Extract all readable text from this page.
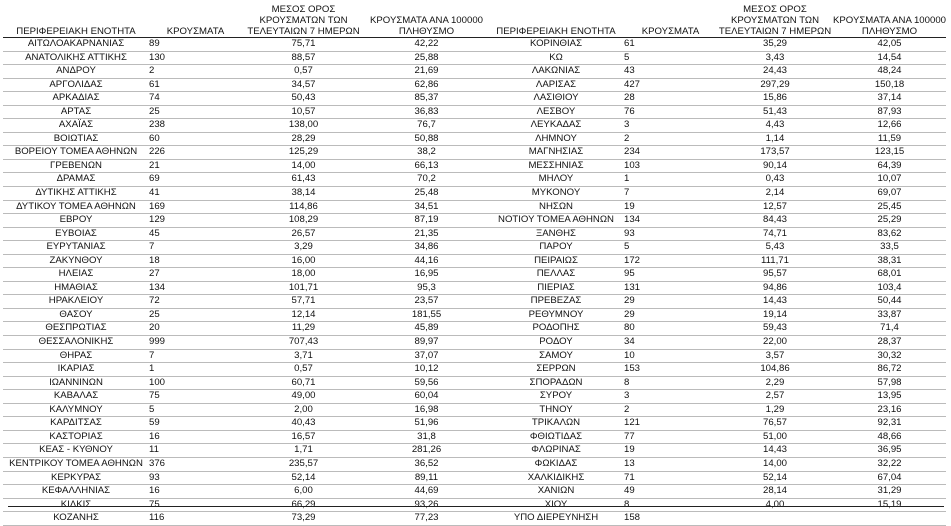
ΠΕΡΙΦΕΡΕΙΑΚΗ ΕΝΟΤΗΤΑ	ΚΡΟΥΣΜΑΤΑ	ΜΕΣΟΣ ΟΡΟΣ ΚΡΟΥΣΜΑΤΩΝ ΤΩΝ ΤΕΛΕΥΤΑΙΩΝ 7 ΗΜΕΡΩΝ	ΚΡΟΥΣΜΑΤΑ ΑΝΑ 100000 ΠΛΗΘΥΣΜΟ
ΑΙΤΩΛΟΑΚΑΡΝΑΝΙΑΣ	89	75,71	42,22
ΑΝΑΤΟΛΙΚΗΣ ΑΤΤΙΚΗΣ	130	88,57	25,88
ΑΝΔΡΟΥ	2	0,57	21,69
ΑΡΓΟΛΙΔΑΣ	61	34,57	62,86
ΑΡΚΑΔΙΑΣ	74	50,43	85,37
ΑΡΤΑΣ	25	10,57	36,83
ΑΧΑΪΑΣ	238	138,00	76,7
ΒΟΙΩΤΙΑΣ	60	28,29	50,88
ΒΟΡΕΙΟΥ ΤΟΜΕΑ ΑΘΗΝΩΝ	226	125,29	38,2
ΓΡΕΒΕΝΩΝ	21	14,00	66,13
ΔΡΑΜΑΣ	69	61,43	70,2
ΔΥΤΙΚΗΣ ΑΤΤΙΚΗΣ	41	38,14	25,48
ΔΥΤΙΚΟΥ ΤΟΜΕΑ ΑΘΗΝΩΝ	169	114,86	34,51
ΕΒΡΟΥ	129	108,29	87,19
ΕΥΒΟΙΑΣ	45	26,57	21,35
ΕΥΡΥΤΑΝΙΑΣ	7	3,29	34,86
ΖΑΚΥΝΘΟΥ	18	16,00	44,16
ΗΛΕΙΑΣ	27	18,00	16,95
ΗΜΑΘΙΑΣ	134	101,71	95,3
ΗΡΑΚΛΕΙΟΥ	72	57,71	23,57
ΘΑΣΟΥ	25	12,14	181,55
ΘΕΣΠΡΩΤΙΑΣ	20	11,29	45,89
ΘΕΣΣΑΛΟΝΙΚΗΣ	999	707,43	89,97
ΘΗΡΑΣ	7	3,71	37,07
ΙΚΑΡΙΑΣ	1	0,57	10,12
ΙΩΑΝΝΙΝΩΝ	100	60,71	59,56
ΚΑΒΑΛΑΣ	75	49,00	60,04
ΚΑΛΥΜΝΟΥ	5	2,00	16,98
ΚΑΡΔΙΤΣΑΣ	59	40,43	51,96
ΚΑΣΤΟΡΙΑΣ	16	16,57	31,8
ΚΕΑΣ - ΚΥΘΝΟΥ	11	1,71	281,26
ΚΕΝΤΡΙΚΟΥ ΤΟΜΕΑ ΑΘΗΝΩΝ	376	235,57	36,52
ΚΕΡΚΥΡΑΣ	93	52,14	89,11
ΚΕΦΑΛΛΗΝΙΑΣ	16	6,00	44,69
ΚΙΛΚΙΣ	75	66,29	93,26
ΚΟΖΑΝΗΣ	116	73,29	77,23
ΠΕΡΙΦΕΡΕΙΑΚΗ ΕΝΟΤΗΤΑ	ΚΡΟΥΣΜΑΤΑ	ΜΕΣΟΣ ΟΡΟΣ ΚΡΟΥΣΜΑΤΩΝ ΤΩΝ ΤΕΛΕΥΤΑΙΩΝ 7 ΗΜΕΡΩΝ	ΚΡΟΥΣΜΑΤΑ ΑΝΑ 100000 ΠΛΗΘΥΣΜΟ
ΚΟΡΙΝΘΙΑΣ	61	35,29	42,05
ΚΩ	5	3,43	14,54
ΛΑΚΩΝΙΑΣ	43	24,43	48,24
ΛΑΡΙΣΑΣ	427	297,29	150,18
ΛΑΣΙΘΙΟΥ	28	15,86	37,14
ΛΕΣΒΟΥ	76	51,43	87,93
ΛΕΥΚΑΔΑΣ	3	4,43	12,66
ΛΗΜΝΟΥ	2	1,14	11,59
ΜΑΓΝΗΣΙΑΣ	234	173,57	123,15
ΜΕΣΣΗΝΙΑΣ	103	90,14	64,39
ΜΗΛΟΥ	1	0,43	10,07
ΜΥΚΟΝΟΥ	7	2,14	69,07
ΝΗΣΩΝ	19	12,57	25,45
ΝΟΤΙΟΥ ΤΟΜΕΑ ΑΘΗΝΩΝ	134	84,43	25,29
ΞΑΝΘΗΣ	93	74,71	83,62
ΠΑΡΟΥ	5	5,43	33,5
ΠΕΙΡΑΙΩΣ	172	111,71	38,31
ΠΕΛΛΑΣ	95	95,57	68,01
ΠΙΕΡΙΑΣ	131	94,86	103,4
ΠΡΕΒΕΖΑΣ	29	14,43	50,44
ΡΕΘΥΜΝΟΥ	29	19,14	33,87
ΡΟΔΟΠΗΣ	80	59,43	71,4
ΡΟΔΟΥ	34	22,00	28,37
ΣΑΜΟΥ	10	3,57	30,32
ΣΕΡΡΩΝ	153	104,86	86,72
ΣΠΟΡΑΔΩΝ	8	2,29	57,98
ΣΥΡΟΥ	3	2,57	13,95
ΤΗΝΟΥ	2	1,29	23,16
ΤΡΙΚΑΛΩΝ	121	76,57	92,31
ΦΘΙΩΤΙΔΑΣ	77	51,00	48,66
ΦΛΩΡΙΝΑΣ	19	14,43	36,95
ΦΩΚΙΔΑΣ	13	14,00	32,22
ΧΑΛΚΙΔΙΚΗΣ	71	52,14	67,04
ΧΑΝΙΩΝ	49	28,14	31,29
ΧΙΟΥ	8	4,00	15,19
ΥΠΟ ΔΙΕΡΕΥΝΗΣΗ	158		
